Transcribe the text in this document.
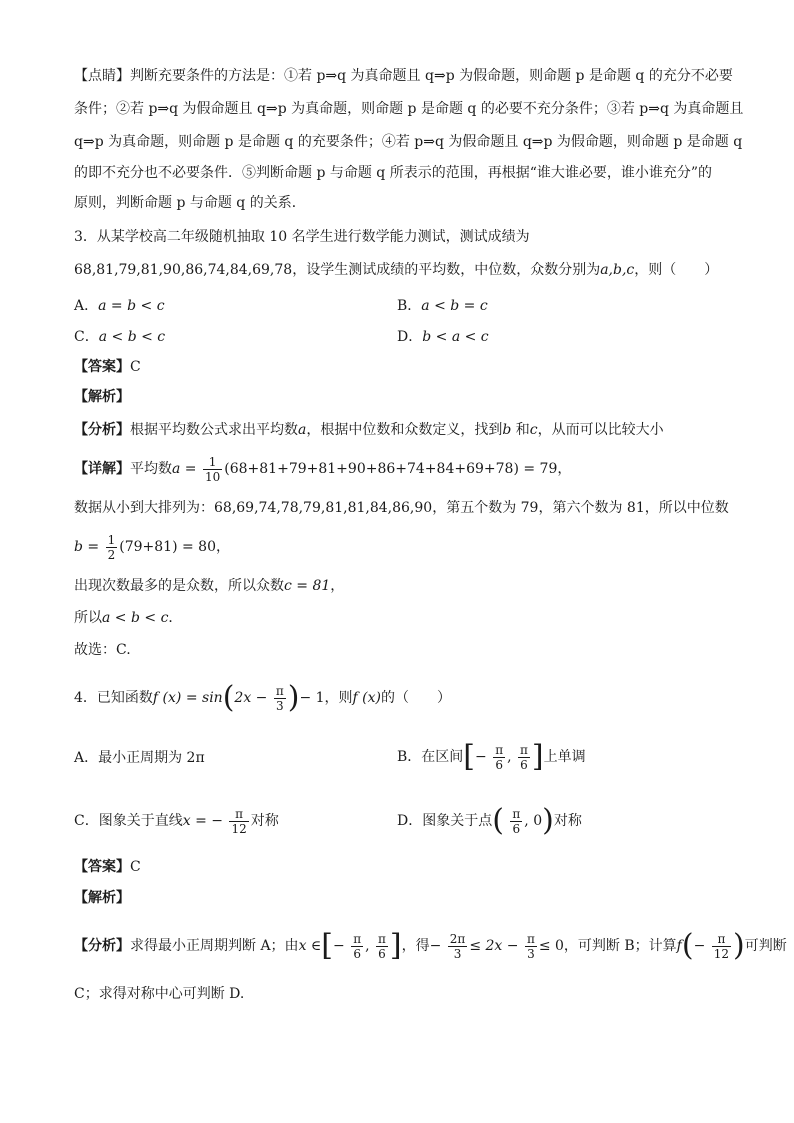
【点睛】判断充要条件的方法是：①若 p⇒q 为真命题且 q⇒p 为假命题，则命题 p 是命题 q 的充分不必要
条件；②若 p⇒q 为假命题且 q⇒p 为真命题，则命题 p 是命题 q 的必要不充分条件；③若 p⇒q 为真命题且
q⇒p 为真命题，则命题 p 是命题 q 的充要条件；④若 p⇒q 为假命题且 q⇒p 为假命题，则命题 p 是命题 q
的即不充分也不必要条件．⑤判断命题 p 与命题 q 所表示的范围，再根据“谁大谁必要，谁小谁充分”的
原则，判断命题 p 与命题 q 的关系．
3．从某学校高二年级随机抽取 10 名学生进行数学能力测试，测试成绩为
68,81,79,81,90,86,74,84,69,78，设学生测试成绩的平均数，中位数，众数分别为a,b,c，则（　　）
A．a = b < c	B．a < b = c
C．a < b < c	D．b < a < c
【答案】C
【解析】
【分析】根据平均数公式求出平均数a，根据中位数和众数定义，找到b 和c，从而可以比较大小
【详解】平均数$a = \frac{1}{10} (68+81+79+81+90+86+74+84+69+78) = 79$，
数据从小到大排列为：68,69,74,78,79,81,81,84,86,90，第五个数为 79，第六个数为 81，所以中位数
$b = \frac{1}{2} (79+81) = 80$，
出现次数最多的是众数，所以众数c = 81，
所以a < b < c．
故选：C.
4．已知函数f $(x) = \sin(2x - \frac{\pi}{3}$ )− 1，则f (x)的（　　）
A．最小正周期为 2π	B．在区间[− $\frac{\pi}{6}$ , $\frac{\pi}{6}$ ]上单调
C．图象关于直线x = − $\frac{\pi}{12}$ 对称	D．图象关于点( $\frac{\pi}{6}$ , 0)对称
【答案】C
【解析】
【分析】求得最小正周期判断 A；由x ∈[− $\frac{\pi}{6}$ , $\frac{\pi}{6}$ ]，得− $\frac{2\pi}{3} \le 2x - \frac{\pi}{3} \le 0$，可判断 B；计算$f(- \frac{\pi}{12}$ )可判断
C；求得对称中心可判断 D.
